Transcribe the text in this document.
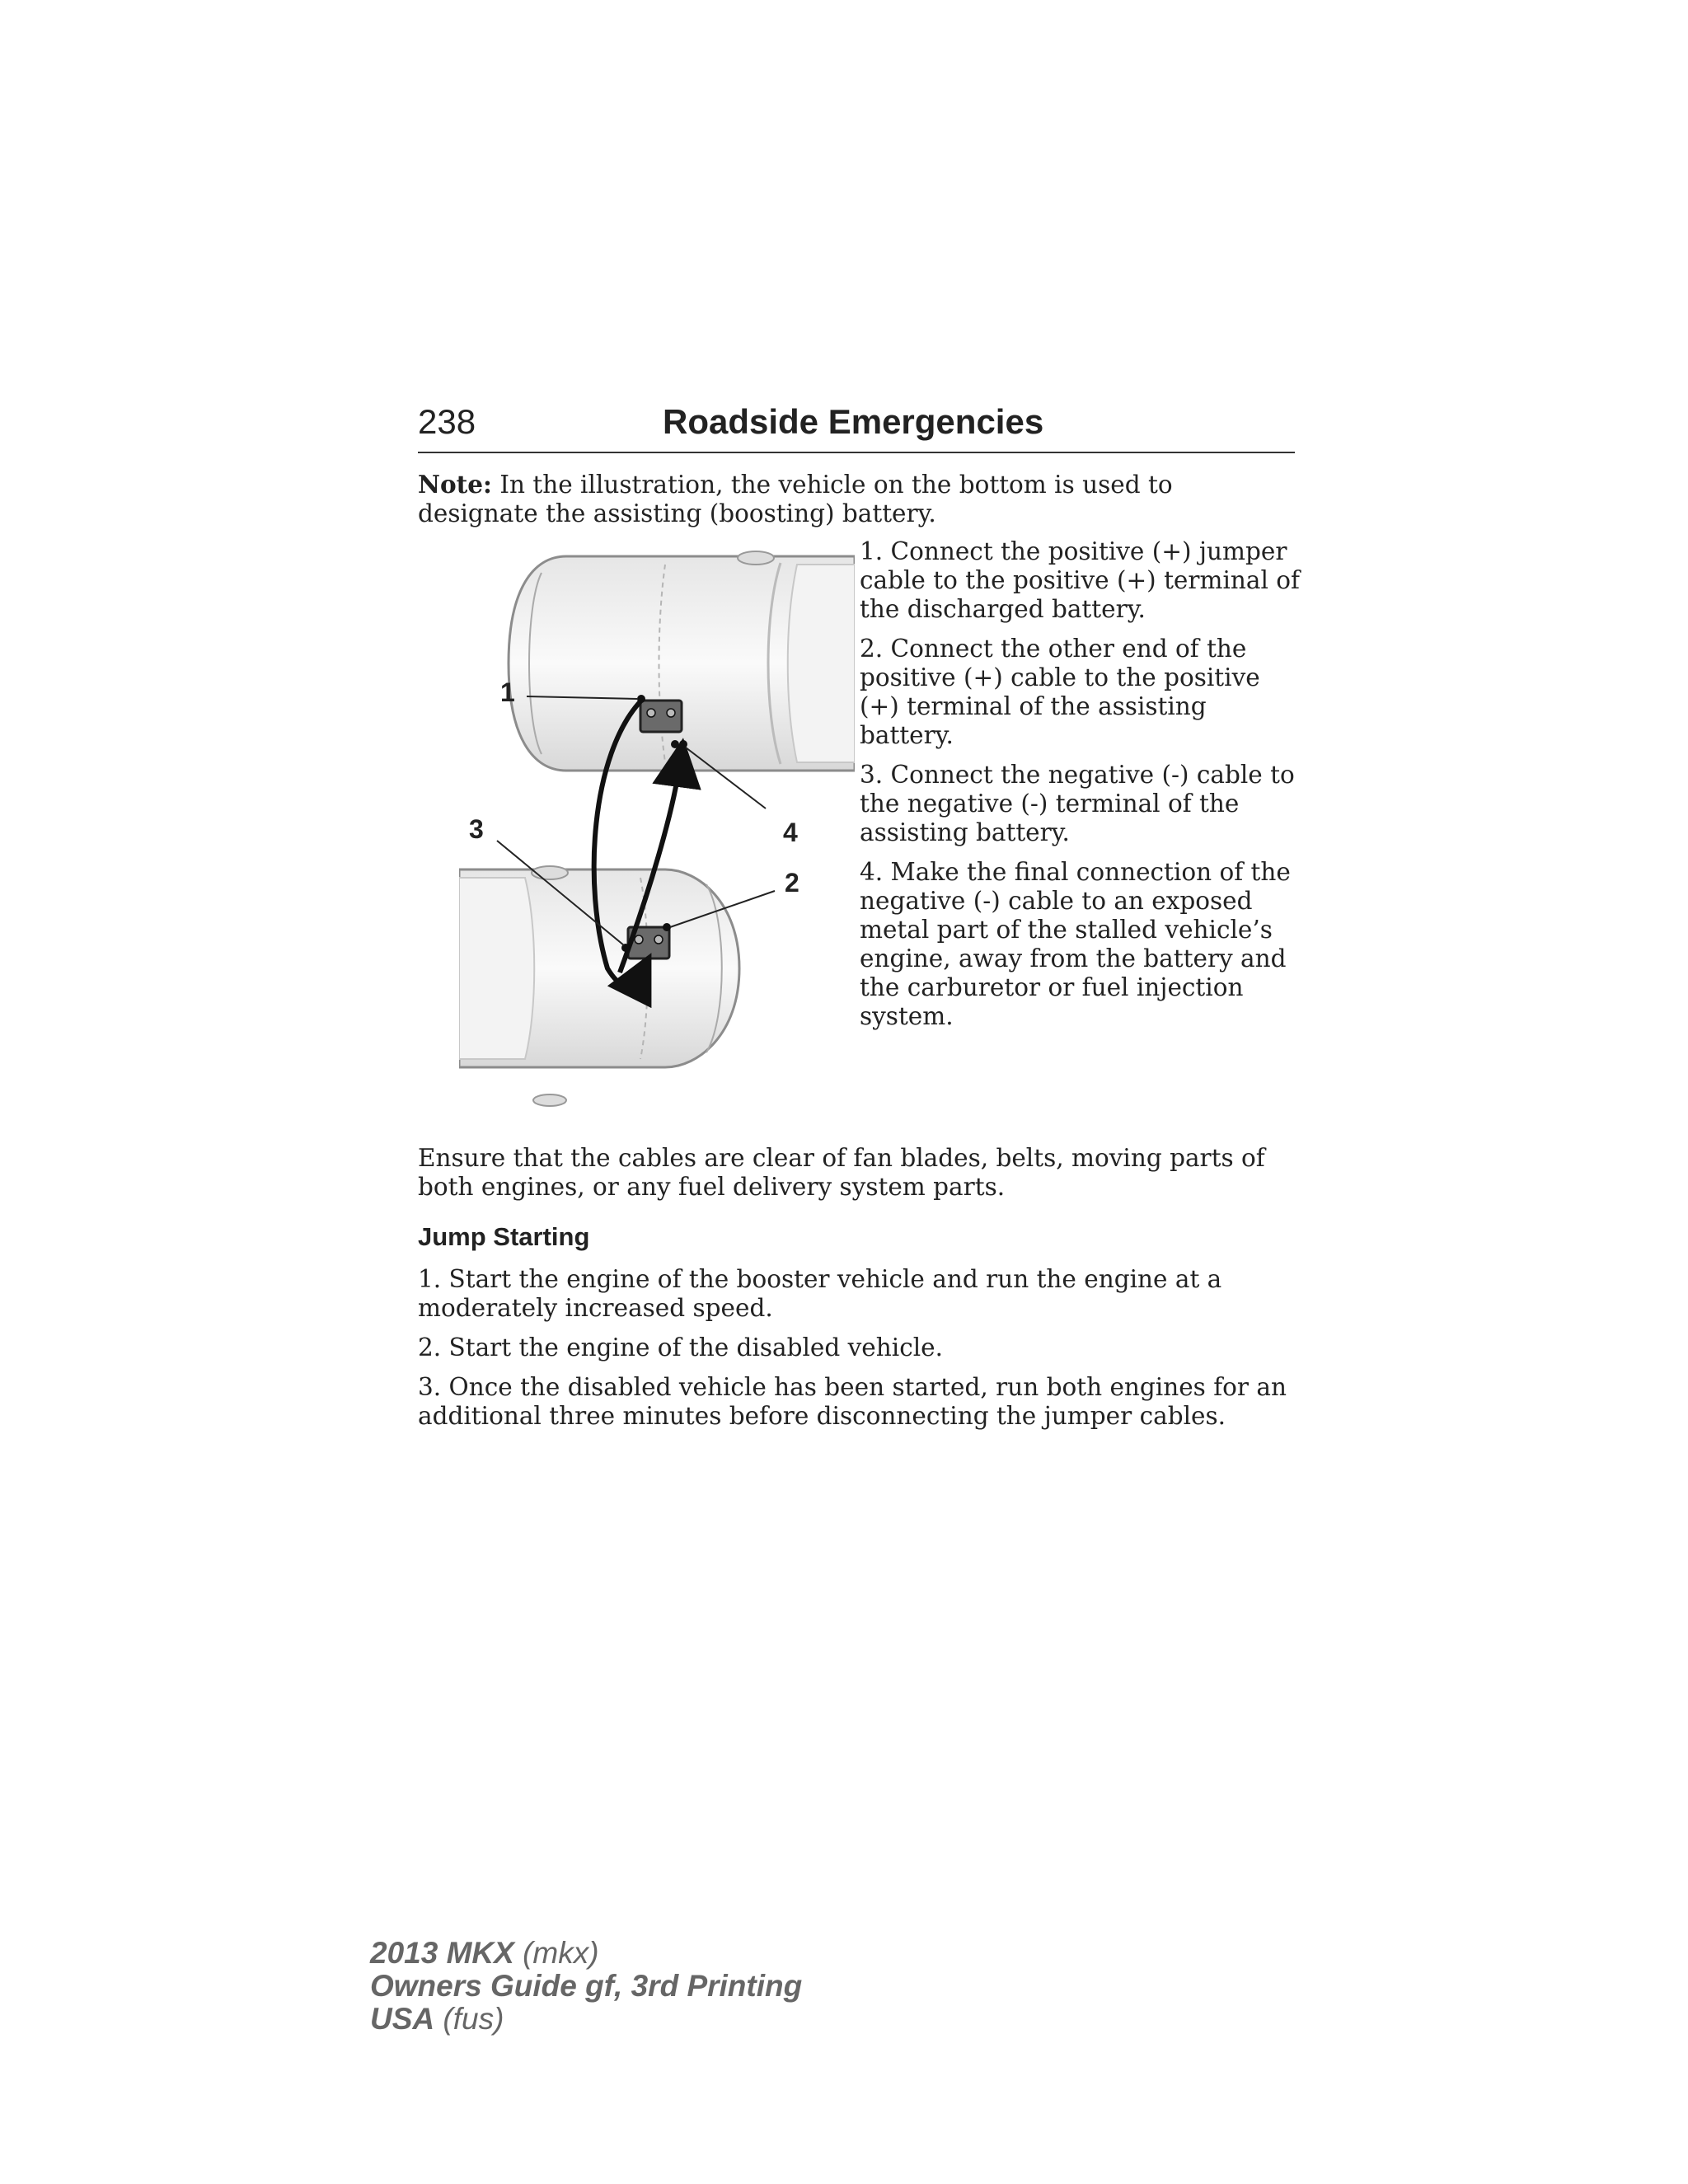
238	Roadside Emergencies
Note: In the illustration, the vehicle on the bottom is used to designate the assisting (boosting) battery.
1
2
3	4

1. Connect the positive (+) jumper cable to the positive (+) terminal of the discharged battery.

2. Connect the other end of the positive (+) cable to the positive (+) terminal of the assisting battery.

3. Connect the negative (-) cable to the negative (-) terminal of the assisting battery.

4. Make the final connection of the negative (-) cable to an exposed metal part of the stalled vehicle’s engine, away from the battery and the carburetor or fuel injection system.

Ensure that the cables are clear of fan blades, belts, moving parts of both engines, or any fuel delivery system parts.
Jump Starting

1. Start the engine of the booster vehicle and run the engine at a moderately increased speed.

2. Start the engine of the disabled vehicle.

3. Once the disabled vehicle has been started, run both engines for an additional three minutes before disconnecting the jumper cables.

2013 MKX (mkx)
Owners Guide gf, 3rd Printing
USA (fus)
